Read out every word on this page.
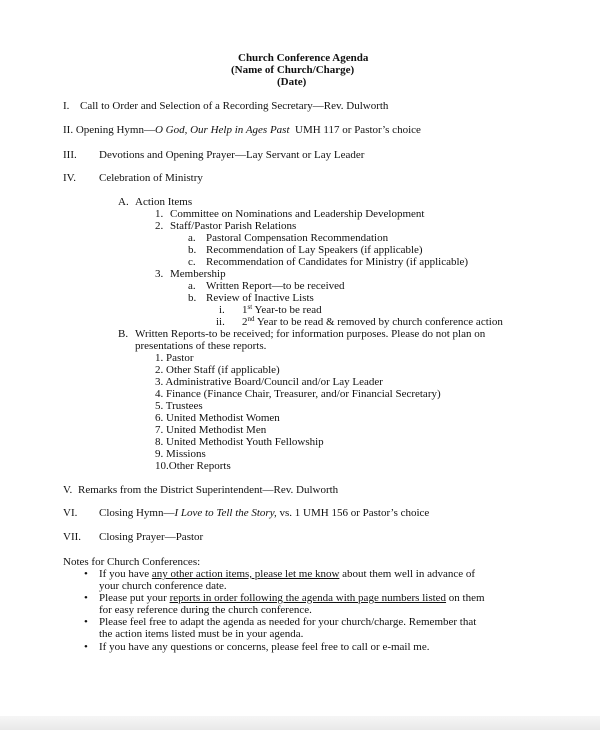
Church Conference Agenda
(Name of Church/Charge)
(Date)
I. Call to Order and Selection of a Recording Secretary—Rev. Dulworth
II. Opening Hymn—O God, Our Help in Ages Past UMH 117 or Pastor’s choice
III. Devotions and Opening Prayer—Lay Servant or Lay Leader
IV. Celebration of Ministry
A. Action Items
1. Committee on Nominations and Leadership Development
2. Staff/Pastor Parish Relations
a. Pastoral Compensation Recommendation
b. Recommendation of Lay Speakers (if applicable)
c. Recommendation of Candidates for Ministry (if applicable)
3. Membership
a. Written Report—to be received
b. Review of Inactive Lists
i. 1st Year-to be read
ii. 2nd Year to be read & removed by church conference action
B. Written Reports-to be received; for information purposes. Please do not plan on
presentations of these reports.
1. Pastor
2. Other Staff (if applicable)
3. Administrative Board/Council and/or Lay Leader
4. Finance (Finance Chair, Treasurer, and/or Financial Secretary)
5. Trustees
6. United Methodist Women
7. United Methodist Men
8. United Methodist Youth Fellowship
9. Missions
10.Other Reports
V. Remarks from the District Superintendent—Rev. Dulworth
VI. Closing Hymn—I Love to Tell the Story, vs. 1 UMH 156 or Pastor’s choice
VII. Closing Prayer—Pastor
Notes for Church Conferences:
• If you have any other action items, please let me know about them well in advance of
your church conference date.
• Please put your reports in order following the agenda with page numbers listed on them
for easy reference during the church conference.
• Please feel free to adapt the agenda as needed for your church/charge. Remember that
the action items listed must be in your agenda.
• If you have any questions or concerns, please feel free to call or e-mail me.
